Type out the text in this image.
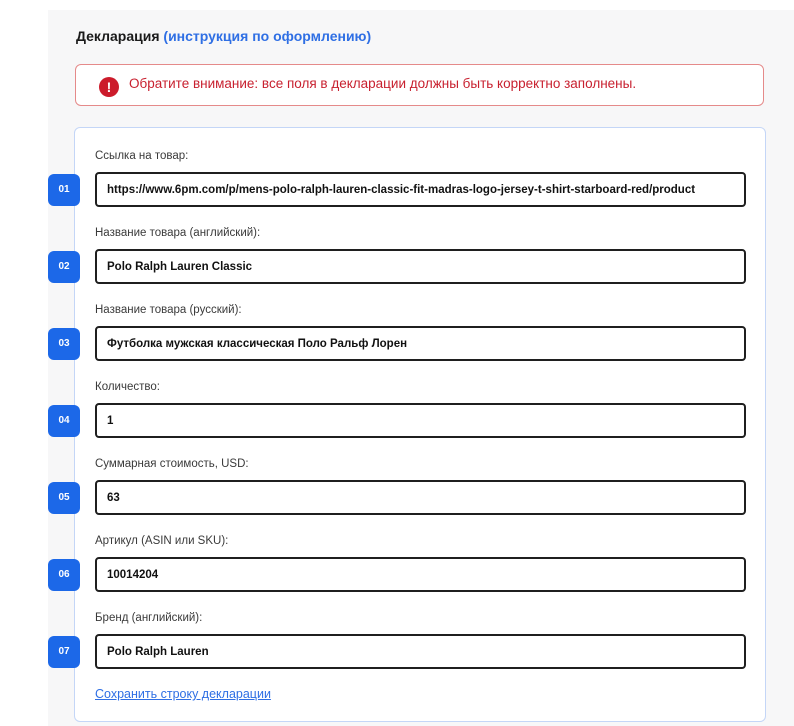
Декларация (инструкция по оформлению)
!	Обратите внимание: все поля в декларации должны быть корректно заполнены.
Ссылка на товар:
01
https://www.6pm.com/p/mens-polo-ralph-lauren-classic-fit-madras-logo-jersey-t-shirt-starboard-red/product
Название товара (английский):
02
Polo Ralph Lauren Classic
Название товара (русский):
03
Футболка мужская классическая Поло Ральф Лорен
Количество:
04
1
Суммарная стоимость, USD:
05
63
Артикул (ASIN или SKU):
06
10014204
Бренд (английский):
07
Polo Ralph Lauren
Сохранить строку декларации
